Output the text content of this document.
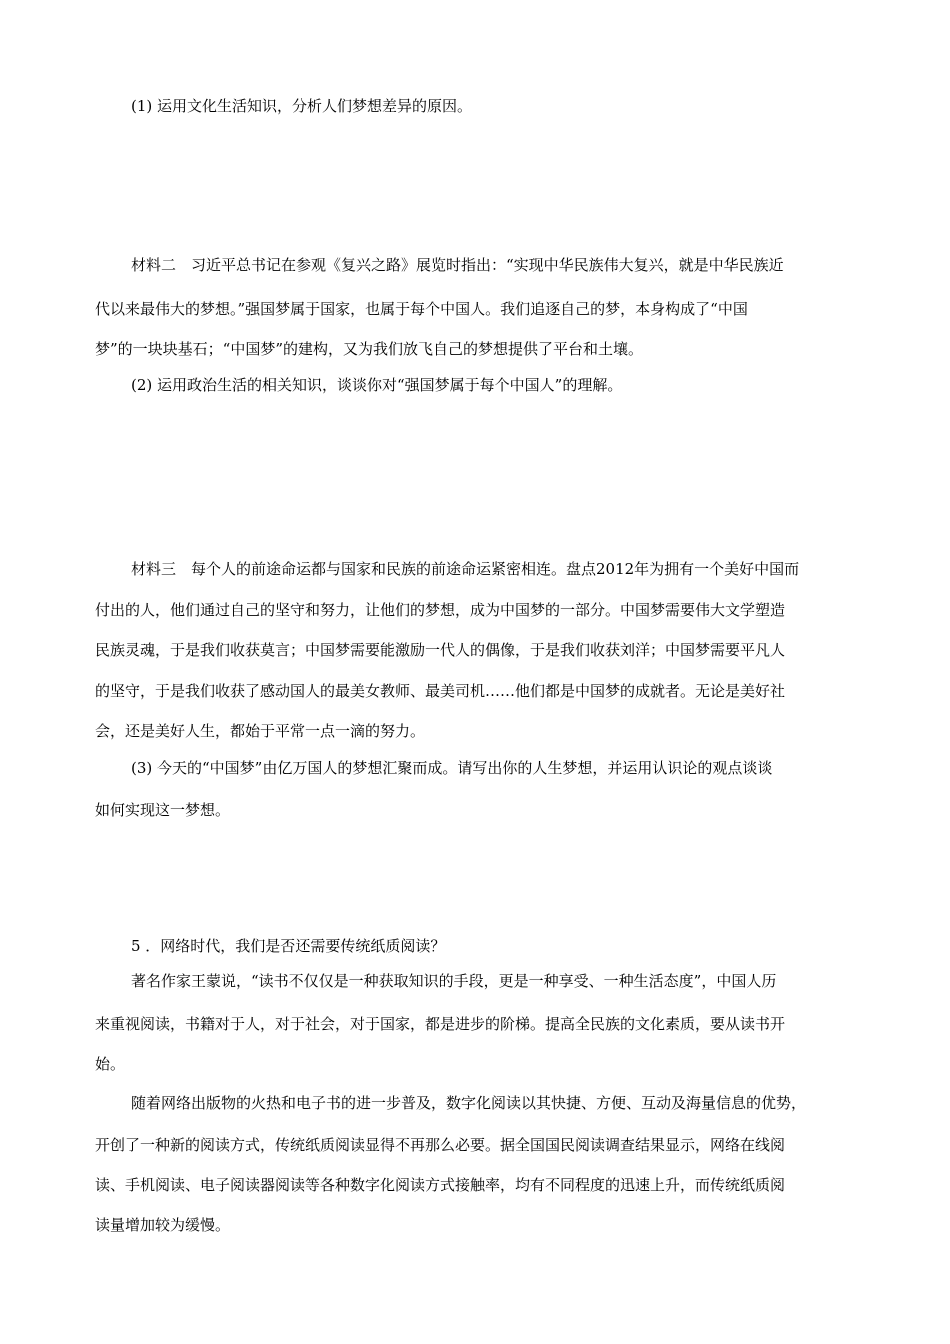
(1) 运用文化生活知识，分析人们梦想差异的原因。
材料二　习近平总书记在参观《复兴之路》展览时指出：“实现中华民族伟大复兴，就是中华民族近
代以来最伟大的梦想。”强国梦属于国家，也属于每个中国人。我们追逐自己的梦，本身构成了“中国
梦”的一块块基石；“中国梦”的建构，又为我们放飞自己的梦想提供了平台和土壤。
(2) 运用政治生活的相关知识，谈谈你对“强国梦属于每个中国人”的理解。
材料三　每个人的前途命运都与国家和民族的前途命运紧密相连。盘点2012年为拥有一个美好中国而
付出的人，他们通过自己的坚守和努力，让他们的梦想，成为中国梦的一部分。中国梦需要伟大文学塑造
民族灵魂，于是我们收获莫言；中国梦需要能激励一代人的偶像，于是我们收获刘洋；中国梦需要平凡人
的坚守，于是我们收获了感动国人的最美女教师、最美司机……他们都是中国梦的成就者。无论是美好社
会，还是美好人生，都始于平常一点一滴的努力。
(3) 今天的“中国梦”由亿万国人的梦想汇聚而成。请写出你的人生梦想，并运用认识论的观点谈谈
如何实现这一梦想。
5 ．网络时代，我们是否还需要传统纸质阅读？
著名作家王蒙说，“读书不仅仅是一种获取知识的手段，更是一种享受、一种生活态度”，中国人历
来重视阅读，书籍对于人，对于社会，对于国家，都是进步的阶梯。提高全民族的文化素质，要从读书开
始。
随着网络出版物的火热和电子书的进一步普及，数字化阅读以其快捷、方便、互动及海量信息的优势，
开创了一种新的阅读方式，传统纸质阅读显得不再那么必要。据全国国民阅读调查结果显示，网络在线阅
读、手机阅读、电子阅读器阅读等各种数字化阅读方式接触率，均有不同程度的迅速上升，而传统纸质阅
读量增加较为缓慢。
